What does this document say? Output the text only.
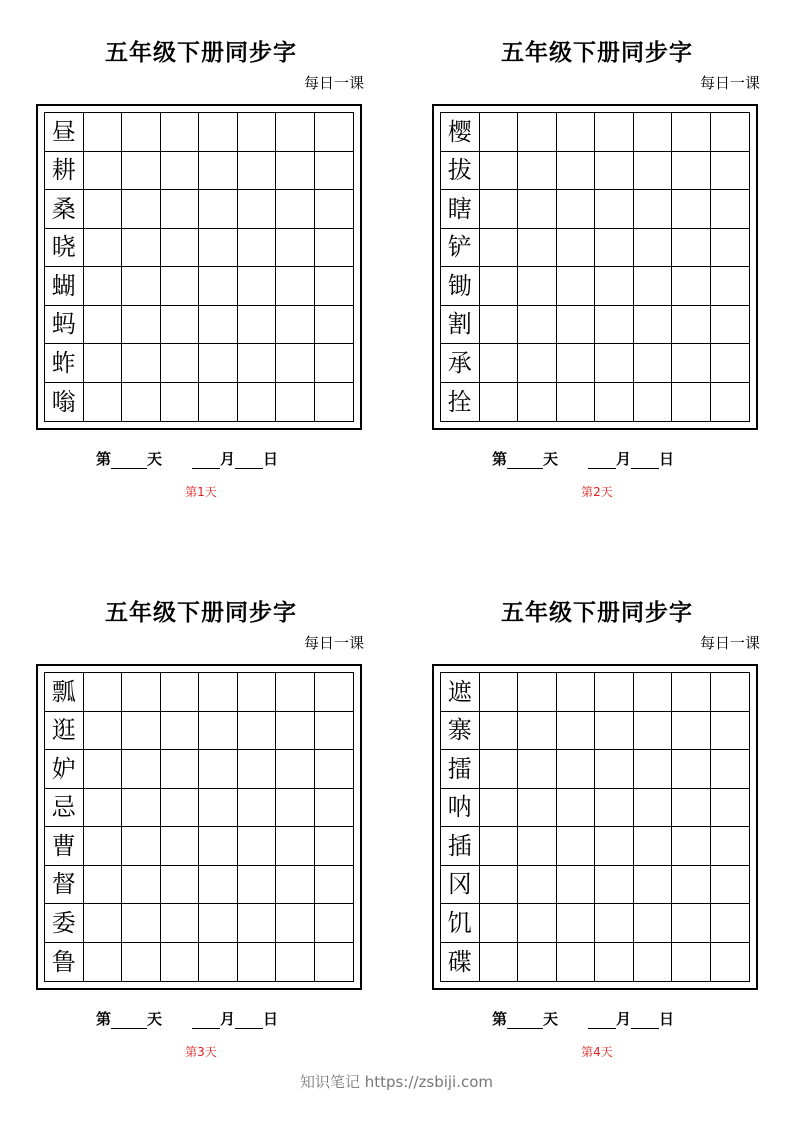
五年级下册同步字
每日一课
昼
耕
桑
晓
蝴
蚂
蚱
嗡
第 天	月 日
第1天
五年级下册同步字
每日一课
樱
拔
瞎
铲
锄
割
承
拴
第 天	月 日
第2天
五年级下册同步字
每日一课
瓢
逛
妒
忌
曹
督
委
鲁
第 天	月 日
第3天
五年级下册同步字
每日一课
遮
寨
擂
呐
插
冈
饥
碟
第 天	月 日
第4天
知识笔记 https://zsbiji.com
